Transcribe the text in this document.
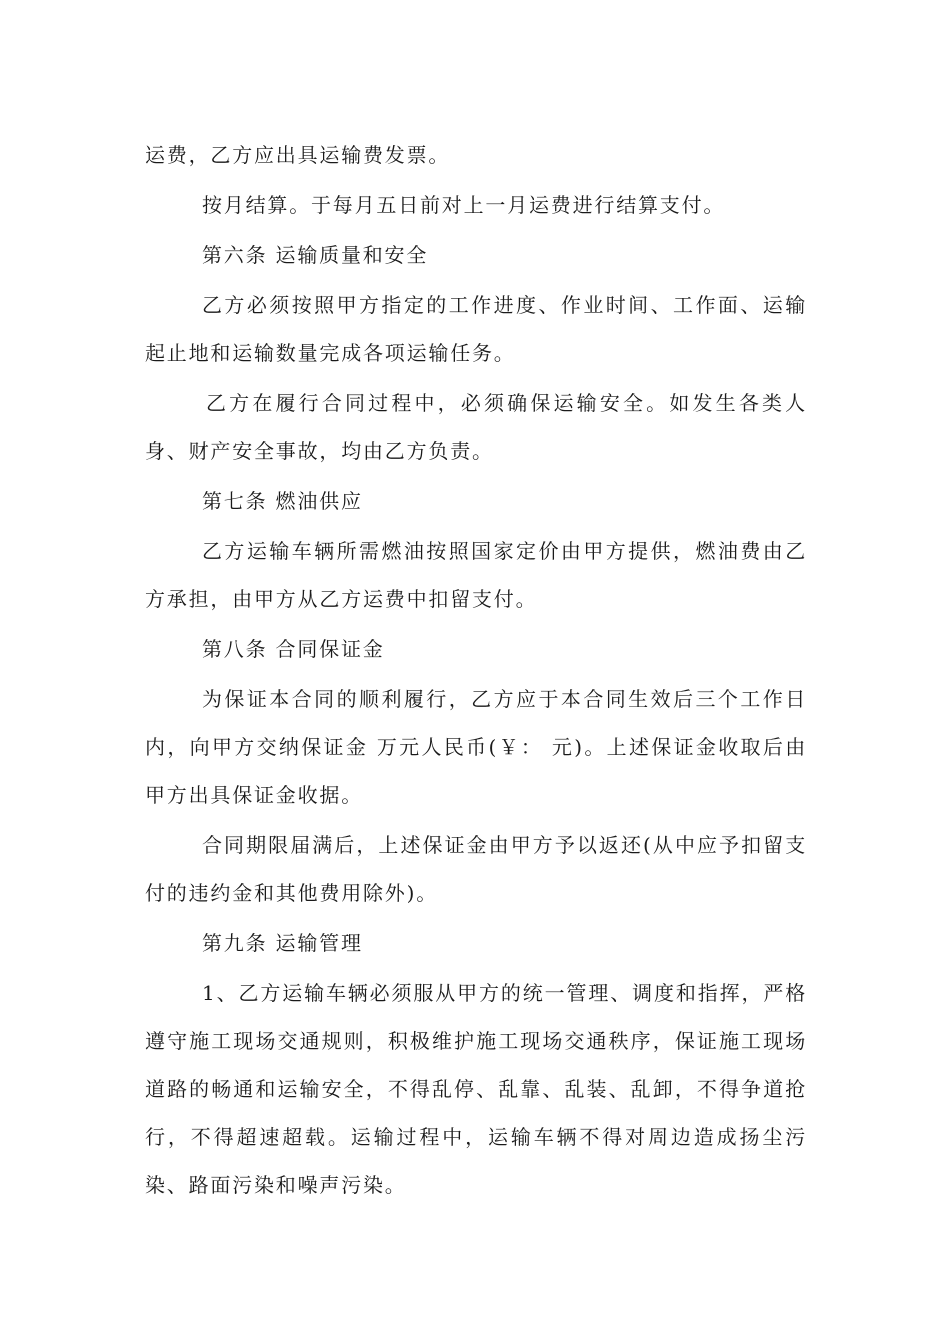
运费，乙方应出具运输费发票。

按月结算。于每月五日前对上一月运费进行结算支付。

第六条 运输质量和安全

乙方必须按照甲方指定的工作进度、作业时间、工作面、运输起止地和运输数量完成各项运输任务。

乙方在履行合同过程中，必须确保运输安全。如发生各类人身、财产安全事故，均由乙方负责。

第七条 燃油供应

乙方运输车辆所需燃油按照国家定价由甲方提供，燃油费由乙方承担，由甲方从乙方运费中扣留支付。

第八条 合同保证金

为保证本合同的顺利履行，乙方应于本合同生效后三个工作日内，向甲方交纳保证金 万元人民币(￥： 元)。上述保证金收取后由甲方出具保证金收据。

合同期限届满后，上述保证金由甲方予以返还(从中应予扣留支付的违约金和其他费用除外)。

第九条 运输管理

1、乙方运输车辆必须服从甲方的统一管理、调度和指挥，严格遵守施工现场交通规则，积极维护施工现场交通秩序，保证施工现场道路的畅通和运输安全，不得乱停、乱靠、乱装、乱卸，不得争道抢行，不得超速超载。运输过程中，运输车辆不得对周边造成扬尘污染、路面污染和噪声污染。
